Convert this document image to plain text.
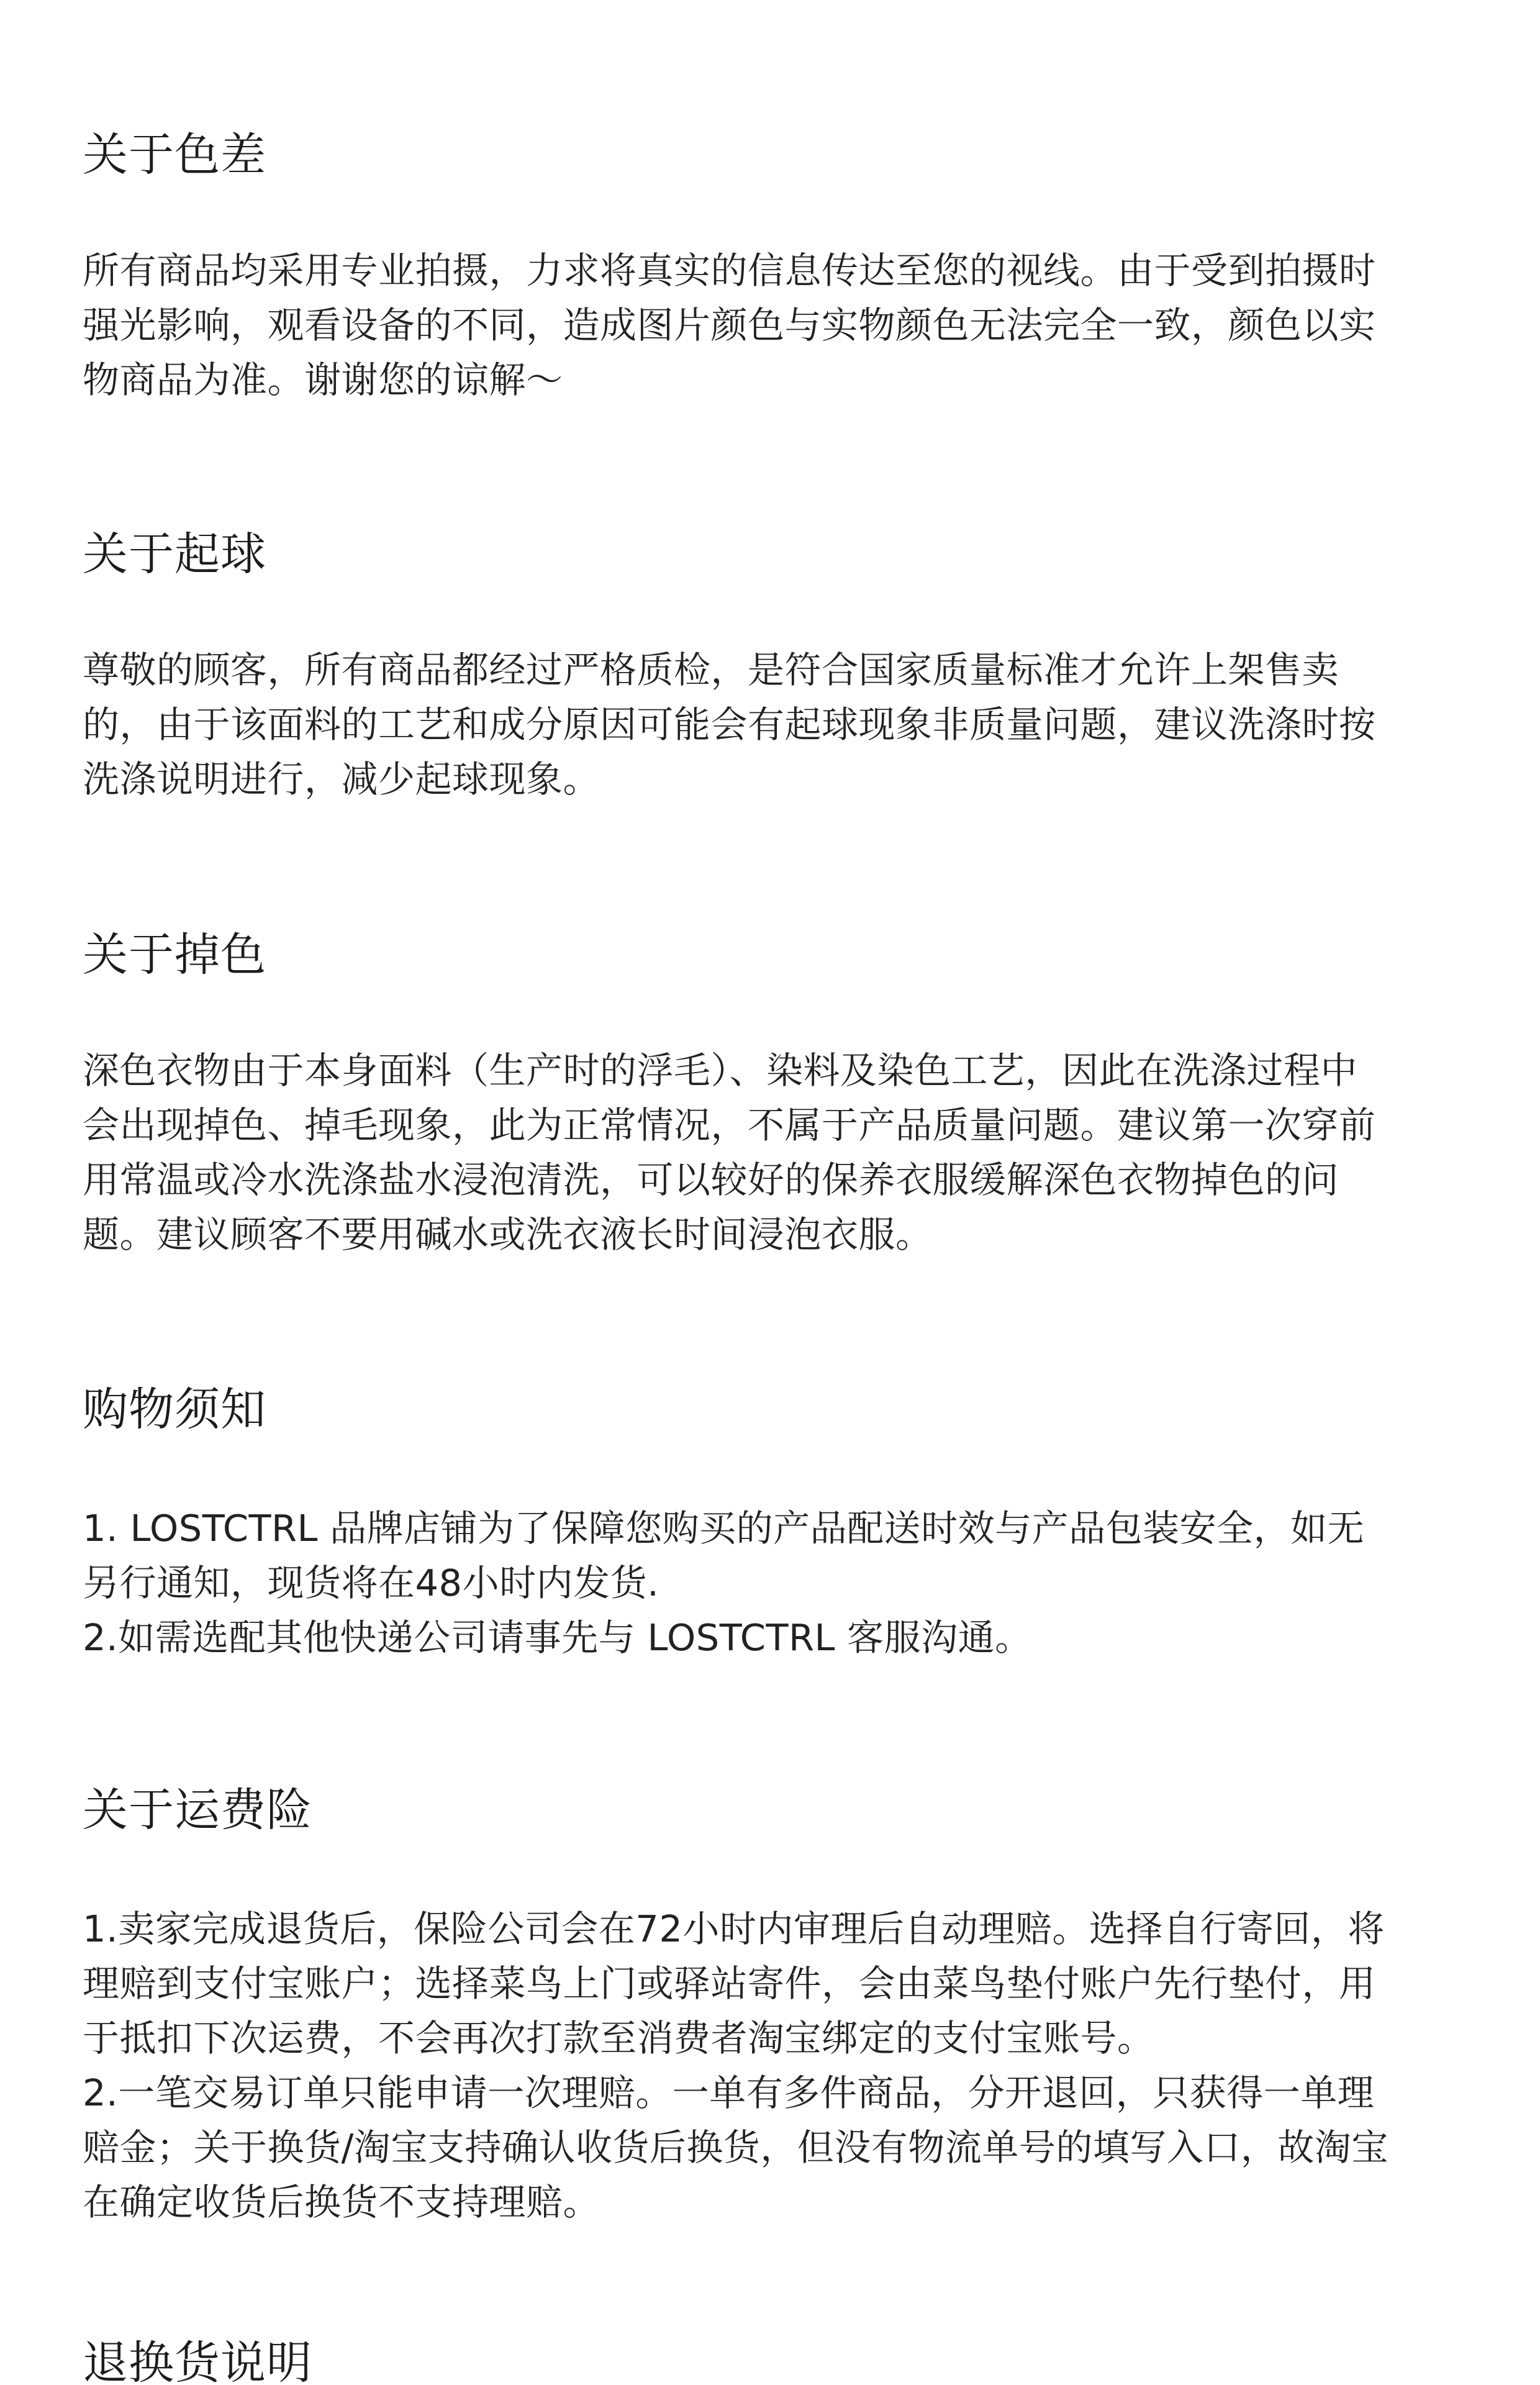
关于色差
所有商品均采用专业拍摄，力求将真实的信息传达至您的视线。由于受到拍摄时
强光影响，观看设备的不同，造成图片颜色与实物颜色无法完全一致，颜色以实
物商品为准。谢谢您的谅解～
关于起球
尊敬的顾客，所有商品都经过严格质检，是符合国家质量标准才允许上架售卖
的，由于该面料的工艺和成分原因可能会有起球现象非质量问题，建议洗涤时按
洗涤说明进行，减少起球现象。
关于掉色
深色衣物由于本身面料（生产时的浮毛）、染料及染色工艺，因此在洗涤过程中
会出现掉色、掉毛现象，此为正常情况，不属于产品质量问题。建议第一次穿前
用常温或冷水洗涤盐水浸泡清洗，可以较好的保养衣服缓解深色衣物掉色的问
题。建议顾客不要用碱水或洗衣液长时间浸泡衣服。
购物须知
1. LOSTCTRL 品牌店铺为了保障您购买的产品配送时效与产品包装安全，如无
另行通知，现货将在48小时内发货.
2.如需选配其他快递公司请事先与 LOSTCTRL 客服沟通。
关于运费险
1.卖家完成退货后，保险公司会在72小时内审理后自动理赔。选择自行寄回，将
理赔到支付宝账户；选择菜鸟上门或驿站寄件，会由菜鸟垫付账户先行垫付，用
于抵扣下次运费，不会再次打款至消费者淘宝绑定的支付宝账号。
2.一笔交易订单只能申请一次理赔。一单有多件商品，分开退回，只获得一单理
赔金；关于换货/淘宝支持确认收货后换货，但没有物流单号的填写入口，故淘宝
在确定收货后换货不支持理赔。
退换货说明
